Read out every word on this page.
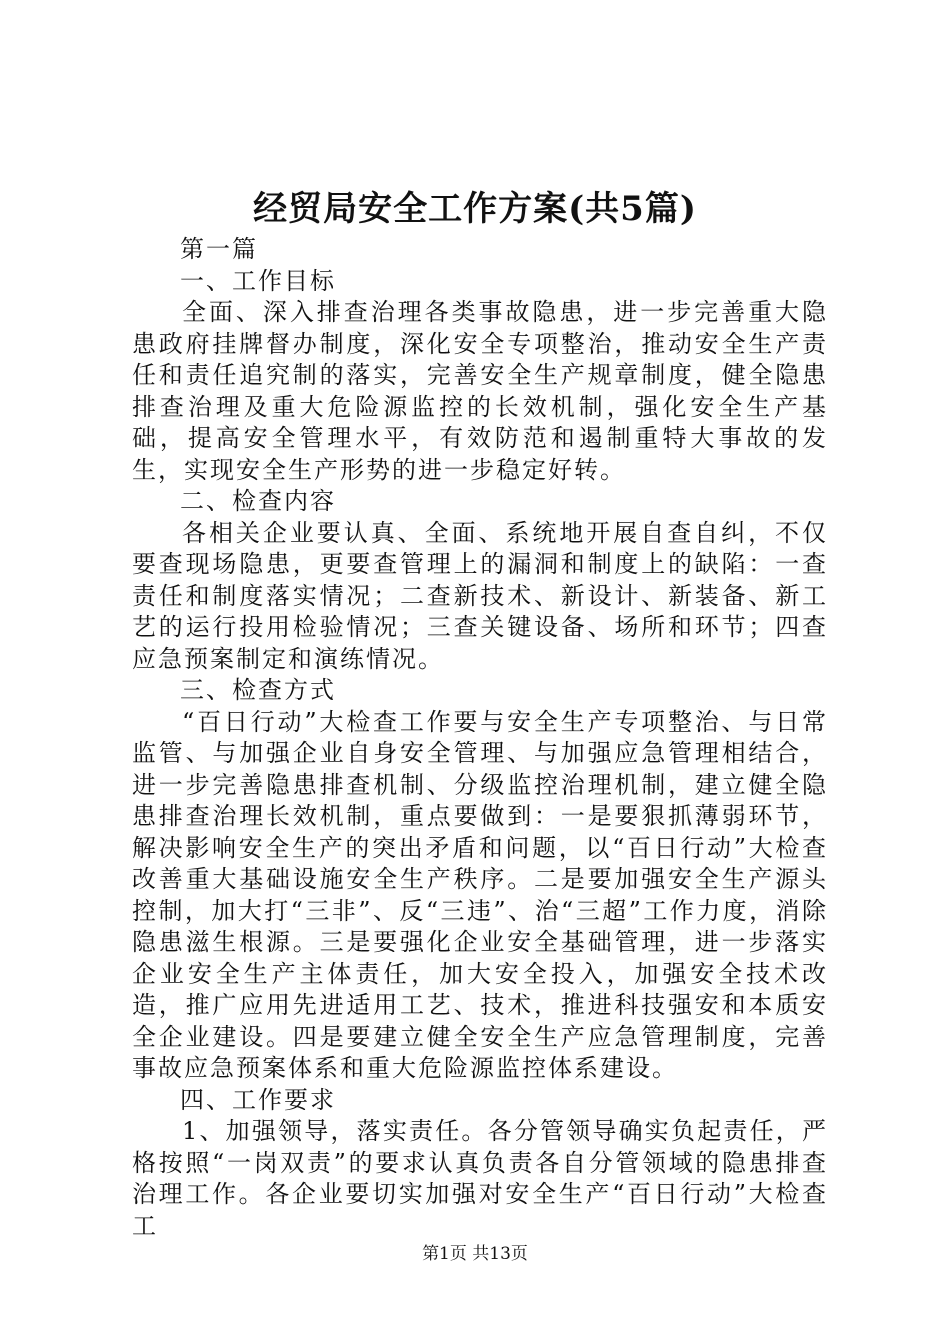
经贸局安全工作方案(共5篇)

第一篇

一、工作目标

全面、深入排查治理各类事故隐患，进一步完善重大隐患政府挂牌督办制度，深化安全专项整治，推动安全生产责任和责任追究制的落实，完善安全生产规章制度，健全隐患排查治理及重大危险源监控的长效机制，强化安全生产基础，提高安全管理水平，有效防范和遏制重特大事故的发生，实现安全生产形势的进一步稳定好转。

二、检查内容

各相关企业要认真、全面、系统地开展自查自纠，不仅要查现场隐患，更要查管理上的漏洞和制度上的缺陷：一查责任和制度落实情况；二查新技术、新设计、新装备、新工艺的运行投用检验情况；三查关键设备、场所和环节；四查应急预案制定和演练情况。

三、检查方式

“百日行动”大检查工作要与安全生产专项整治、与日常监管、与加强企业自身安全管理、与加强应急管理相结合，进一步完善隐患排查机制、分级监控治理机制，建立健全隐患排查治理长效机制，重点要做到：一是要狠抓薄弱环节，解决影响安全生产的突出矛盾和问题，以“百日行动”大检查改善重大基础设施安全生产秩序。二是要加强安全生产源头控制，加大打“三非”、反“三违”、治“三超”工作力度，消除隐患滋生根源。三是要强化企业安全基础管理，进一步落实企业安全生产主体责任，加大安全投入，加强安全技术改造，推广应用先进适用工艺、技术，推进科技强安和本质安全企业建设。四是要建立健全安全生产应急管理制度，完善事故应急预案体系和重大危险源监控体系建设。

四、工作要求

1、加强领导，落实责任。各分管领导确实负起责任，严格按照“一岗双责”的要求认真负责各自分管领域的隐患排查治理工作。各企业要切实加强对安全生产“百日行动”大检查工

第1页 共13页
